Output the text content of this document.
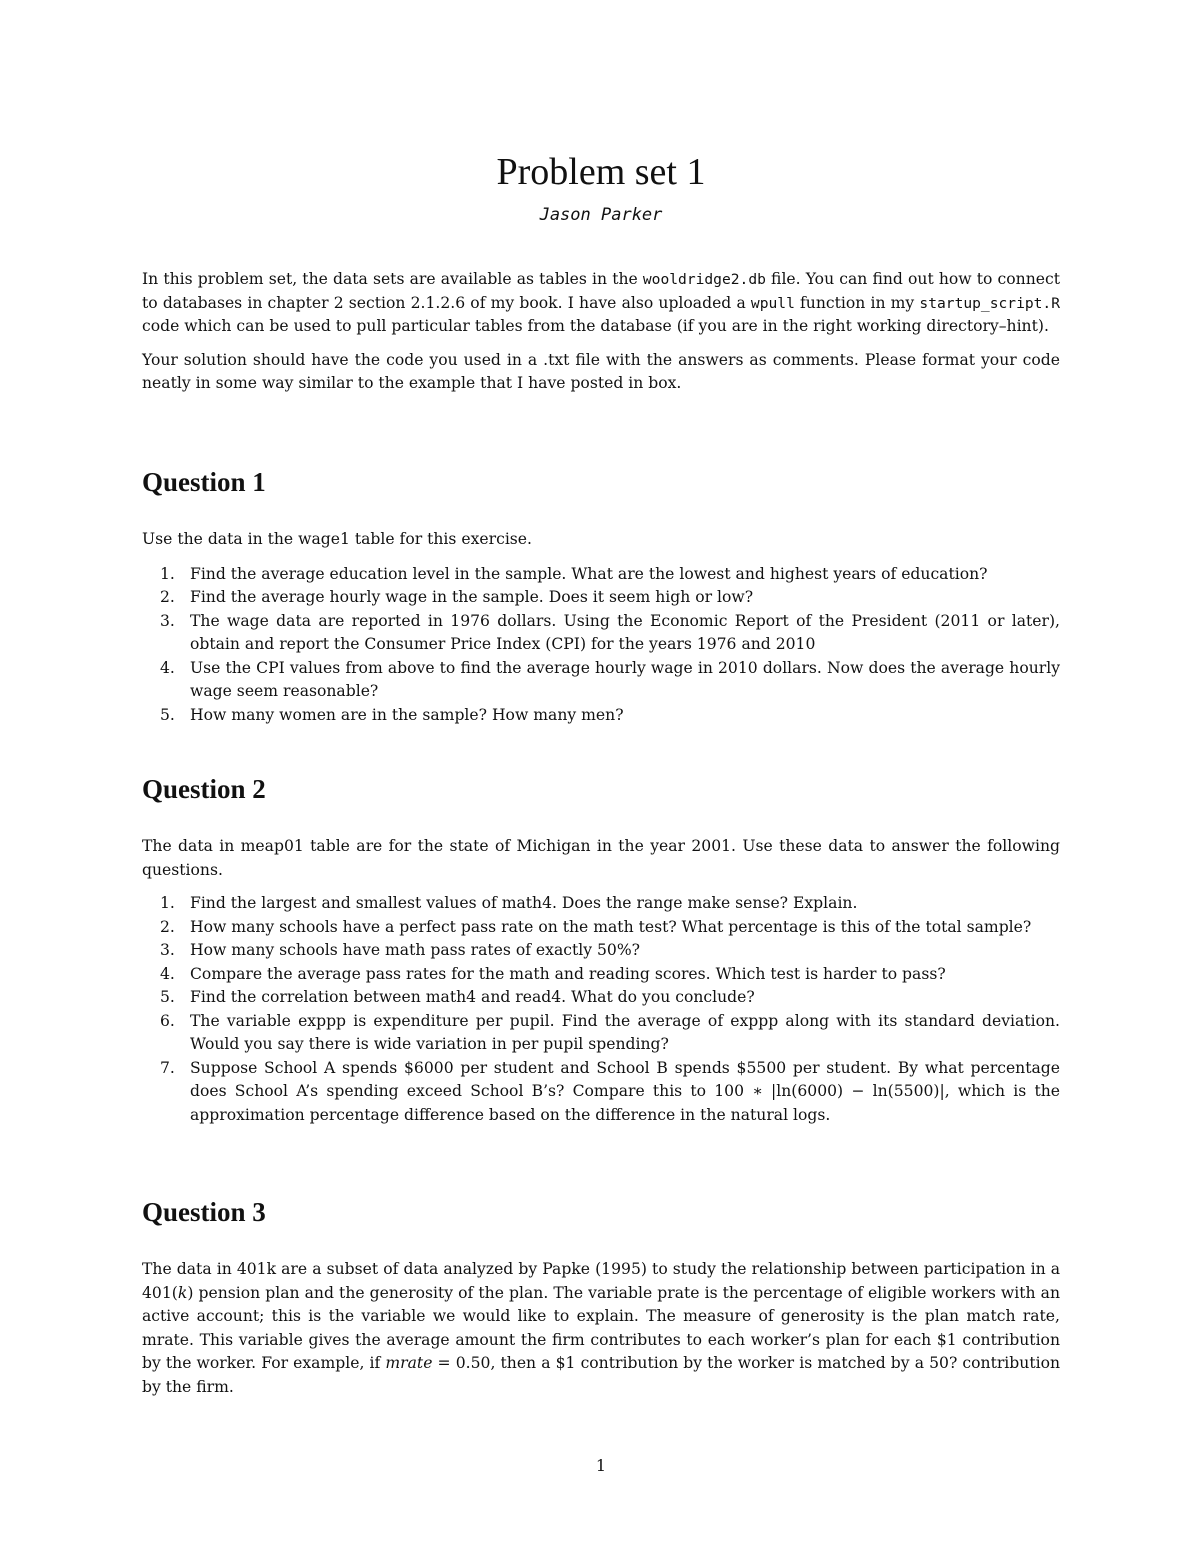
Problem set 1
Jason Parker

In this problem set, the data sets are available as tables in the wooldridge2.db file. You can find out how to connect to databases in chapter 2 section 2.1.2.6 of my book. I have also uploaded a wpull function in my startup_script.R code which can be used to pull particular tables from the database (if you are in the right working directory–hint).

Your solution should have the code you used in a .txt file with the answers as comments. Please format your code neatly in some way similar to the example that I have posted in box.

Question 1

Use the data in the wage1 table for this exercise.

1. Find the average education level in the sample. What are the lowest and highest years of education?
2. Find the average hourly wage in the sample. Does it seem high or low?
3. The wage data are reported in 1976 dollars. Using the Economic Report of the President (2011 or later), obtain and report the Consumer Price Index (CPI) for the years 1976 and 2010
4. Use the CPI values from above to find the average hourly wage in 2010 dollars. Now does the average hourly wage seem reasonable?
5. How many women are in the sample? How many men?
Question 2

The data in meap01 table are for the state of Michigan in the year 2001. Use these data to answer the following questions.

1. Find the largest and smallest values of math4. Does the range make sense? Explain.
2. How many schools have a perfect pass rate on the math test? What percentage is this of the total sample?
3. How many schools have math pass rates of exactly 50%?
4. Compare the average pass rates for the math and reading scores. Which test is harder to pass?
5. Find the correlation between math4 and read4. What do you conclude?
6. The variable exppp is expenditure per pupil. Find the average of exppp along with its standard deviation. Would you say there is wide variation in per pupil spending?
7. Suppose School A spends $6000 per student and School B spends $5500 per student. By what percentage does School A’s spending exceed School B’s? Compare this to 100 ∗ |ln(6000) − ln(5500)|, which is the approximation percentage difference based on the difference in the natural logs.
Question 3

The data in 401k are a subset of data analyzed by Papke (1995) to study the relationship between participation in a 401(k) pension plan and the generosity of the plan. The variable prate is the percentage of eligible workers with an active account; this is the variable we would like to explain. The measure of generosity is the plan match rate, mrate. This variable gives the average amount the firm contributes to each worker’s plan for each $1 contribution by the worker. For example, if mrate = 0.50, then a $1 contribution by the worker is matched by a 50? contribution by the firm.

1
